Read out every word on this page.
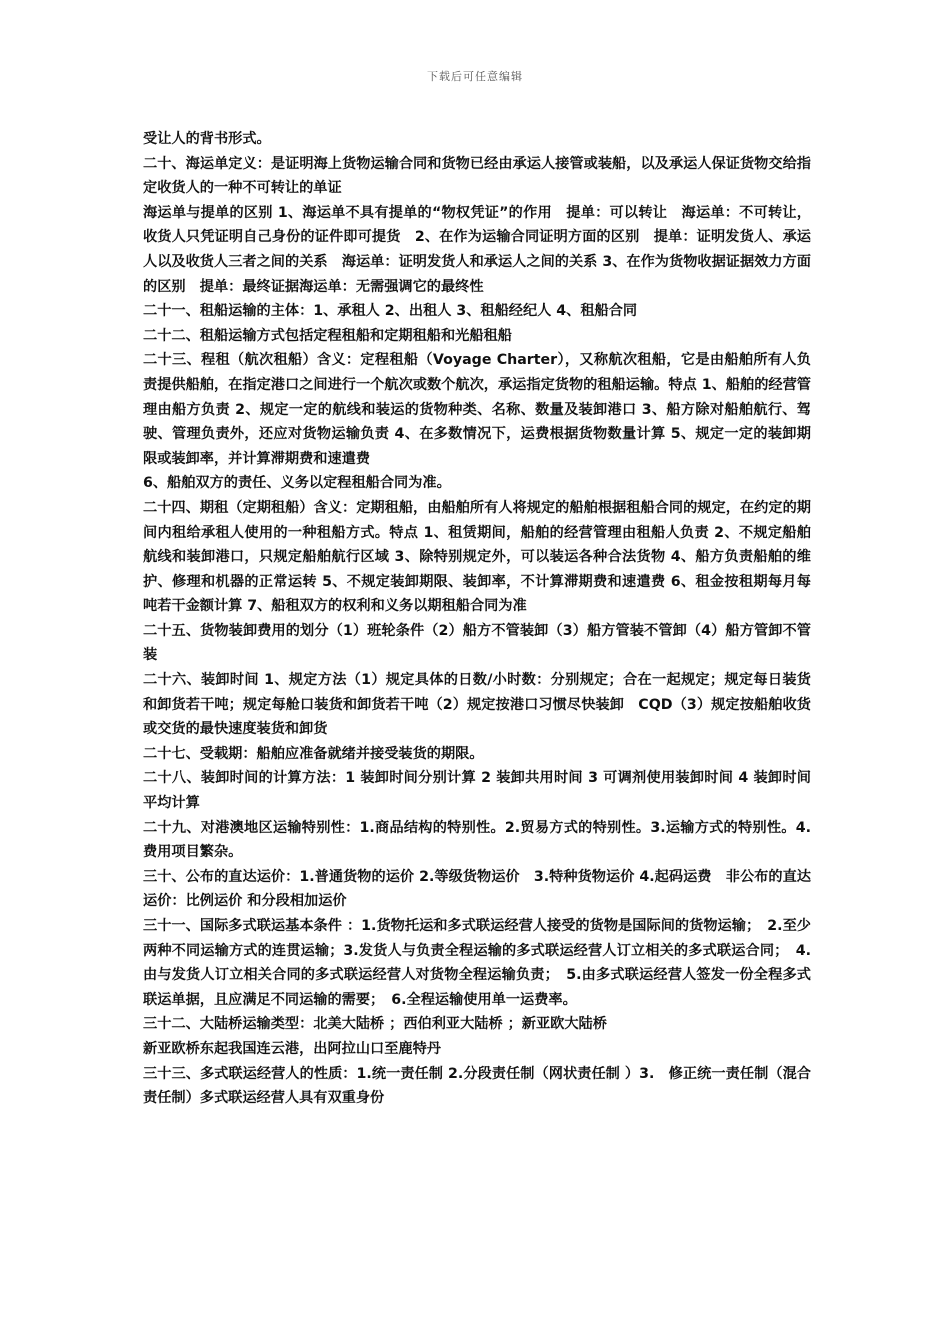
下载后可任意编辑

受让人的背书形式。

二十、海运单定义：是证明海上货物运输合同和货物已经由承运人接管或装船，以及承运人保证货物交给指定收货人的一种不可转让的单证

海运单与提单的区别 1、海运单不具有提单的“物权凭证”的作用　提单：可以转让　海运单：不可转让，收货人只凭证明自己身份的证件即可提货　2、在作为运输合同证明方面的区别　提单：证明发货人、承运人以及收货人三者之间的关系　海运单：证明发货人和承运人之间的关系 3、在作为货物收据证据效力方面的区别　提单：最终证据海运单：无需强调它的最终性

二十一、租船运输的主体：1、承租人 2、出租人 3、租船经纪人 4、租船合同

二十二、租船运输方式包括定程租船和定期租船和光船租船

二十三、程租（航次租船）含义：定程租船（Voyage Charter），又称航次租船，它是由船舶所有人负责提供船舶，在指定港口之间进行一个航次或数个航次，承运指定货物的租船运输。特点 1、船舶的经营管理由船方负责 2、规定一定的航线和装运的货物种类、名称、数量及装卸港口 3、船方除对船舶航行、驾驶、管理负责外，还应对货物运输负责 4、在多数情况下，运费根据货物数量计算 5、规定一定的装卸期限或装卸率，并计算滞期费和速遣费

6、船舶双方的责任、义务以定程租船合同为准。

二十四、期租（定期租船）含义：定期租船，由船舶所有人将规定的船舶根据租船合同的规定，在约定的期间内租给承租人使用的一种租船方式。特点 1、租赁期间，船舶的经营管理由租船人负责 2、不规定船舶航线和装卸港口，只规定船舶航行区域 3、除特别规定外，可以装运各种合法货物 4、船方负责船舶的维护、修理和机器的正常运转 5、不规定装卸期限、装卸率，不计算滞期费和速遣费 6、租金按租期每月每吨若干金额计算 7、船租双方的权利和义务以期租船合同为准

二十五、货物装卸费用的划分（1）班轮条件（2）船方不管装卸（3）船方管装不管卸（4）船方管卸不管装

二十六、装卸时间 1、规定方法（1）规定具体的日数/小时数：分别规定；合在一起规定；规定每日装货和卸货若干吨；规定每舱口装货和卸货若干吨（2）规定按港口习惯尽快装卸　CQD（3）规定按船舶收货或交货的最快速度装货和卸货

二十七、受载期：船舶应准备就绪并接受装货的期限。

二十八、装卸时间的计算方法：1 装卸时间分别计算 2 装卸共用时间 3 可调剂使用装卸时间 4 装卸时间平均计算

二十九、对港澳地区运输特别性：1.商品结构的特别性。2.贸易方式的特别性。3.运输方式的特别性。4.费用项目繁杂。

三十、公布的直达运价：1.普通货物的运价 2.等级货物运价　3.特种货物运价 4.起码运费　非公布的直达运价：比例运价 和分段相加运价

三十一、国际多式联运基本条件 ：1.货物托运和多式联运经营人接受的货物是国际间的货物运输；　2.至少两种不同运输方式的连贯运输；3.发货人与负责全程运输的多式联运经营人订立相关的多式联运合同；　4.由与发货人订立相关合同的多式联运经营人对货物全程运输负责；　5.由多式联运经营人签发一份全程多式联运单据，且应满足不同运输的需要；　6.全程运输使用单一运费率。

三十二、大陆桥运输类型：北美大陆桥 ；西伯利亚大陆桥 ；新亚欧大陆桥

新亚欧桥东起我国连云港，出阿拉山口至鹿特丹

三十三、多式联运经营人的性质：1.统一责任制 2.分段责任制（网状责任制 ）3.　修正统一责任制（混合责任制）多式联运经营人具有双重身份
